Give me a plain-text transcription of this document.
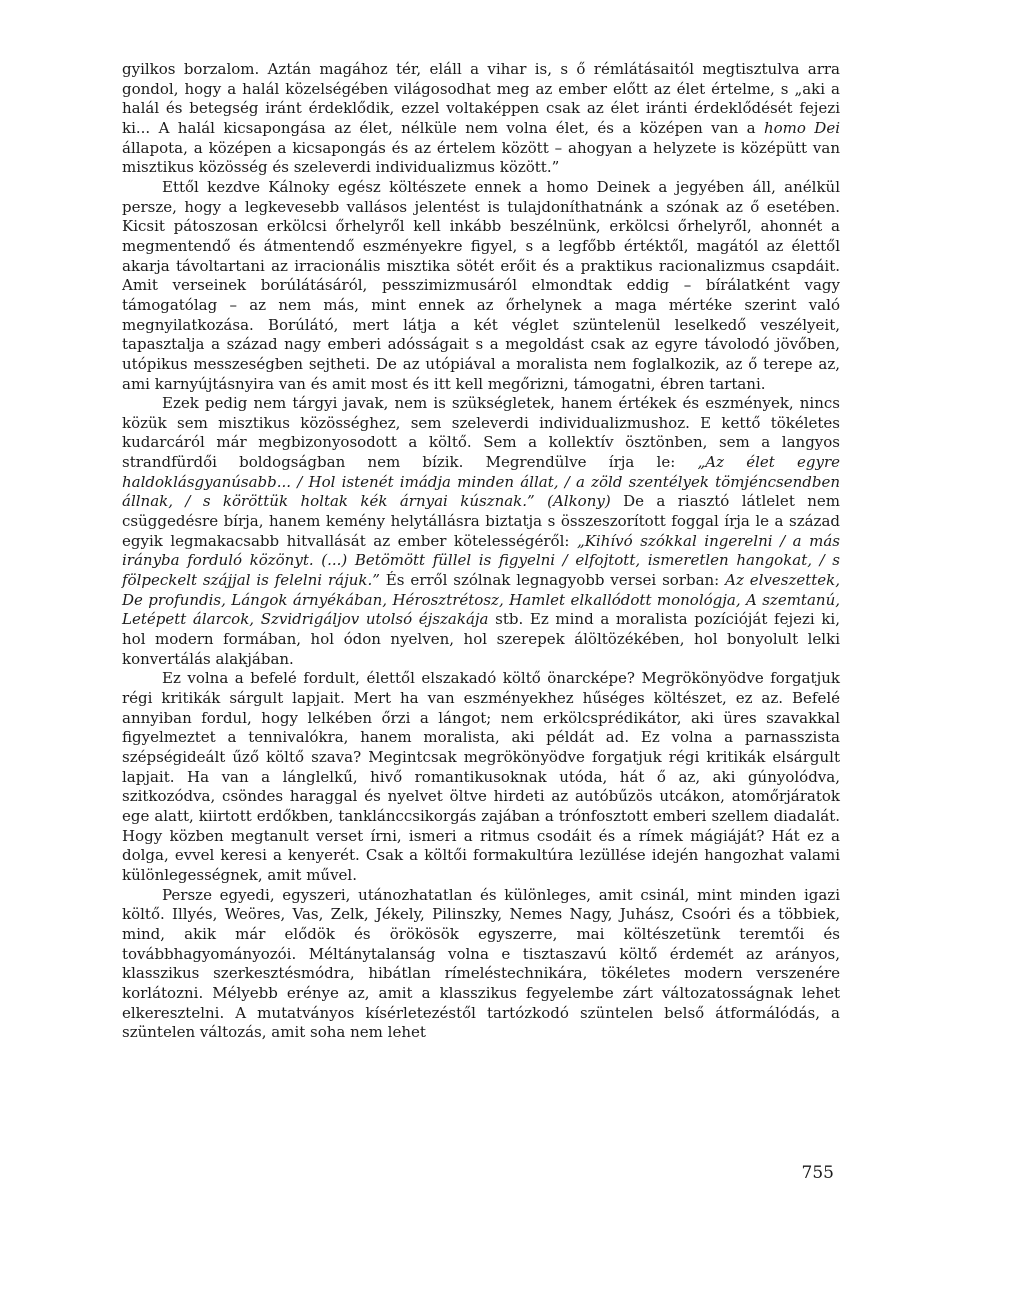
gyilkos borzalom. Aztán magához tér, eláll a vihar is, s ő rémlátásaitól megtisztulva arra gondol, hogy a halál közelségében világosodhat meg az ember előtt az élet értelme, s „aki a halál és betegség iránt érdeklődik, ezzel voltaképpen csak az élet iránti érdeklődését fejezi ki... A halál kicsapongása az élet, nélküle nem volna élet, és a középen van a homo Dei állapota, a középen a kicsapongás és az értelem között – ahogyan a helyzete is középütt van misztikus közösség és szeleverdi individualizmus között.”

Ettől kezdve Kálnoky egész költészete ennek a homo Deinek a jegyében áll, anélkül persze, hogy a legkevesebb vallásos jelentést is tulajdoníthatnánk a szónak az ő esetében. Kicsit pátoszosan erkölcsi őrhelyről kell inkább beszélnünk, erkölcsi őrhelyről, ahonnét a megmentendő és átmentendő eszményekre figyel, s a legfőbb értéktől, magától az élettől akarja távoltartani az irracionális misztika sötét erőit és a praktikus racionalizmus csapdáit. Amit verseinek borúlátásáról, pesszimizmusáról elmondtak eddig – bírálatként vagy támogatólag – az nem más, mint ennek az őrhelynek a maga mértéke szerint való megnyilatkozása. Borúlátó, mert látja a két véglet szüntelenül leselkedő veszélyeit, tapasztalja a század nagy emberi adósságait s a megoldást csak az egyre távolodó jövőben, utópikus messzeségben sejtheti. De az utópiával a moralista nem foglalkozik, az ő terepe az, ami karnyújtásnyira van és amit most és itt kell megőrizni, támogatni, ébren tartani.

Ezek pedig nem tárgyi javak, nem is szükségletek, hanem értékek és eszmények, nincs közük sem misztikus közösséghez, sem szeleverdi individualizmushoz. E kettő tökéletes kudarcáról már megbizonyosodott a költő. Sem a kollektív ösztönben, sem a langyos strandfürdői boldogságban nem bízik. Megrendülve írja le: „Az élet egyre haldoklásgyanúsabb... / Hol istenét imádja minden állat, / a zöld szentélyek tömjéncsendben állnak, / s köröttük holtak kék árnyai kúsznak.” (Alkony) De a riasztó látlelet nem csüggedésre bírja, hanem kemény helytállásra biztatja s összeszorított foggal írja le a század egyik legmakacsabb hitvallását az ember kötelességéről: „Kihívó szókkal ingerelni / a más irányba forduló közönyt. (...) Betömött füllel is figyelni / elfojtott, ismeretlen hangokat, / s fölpeckelt szájjal is felelni rájuk.” És erről szólnak legnagyobb versei sorban: Az elveszettek, De profundis, Lángok árnyékában, Hérosztrétosz, Hamlet elkallódott monológja, A szemtanú, Letépett álarcok, Szvidrigáljov utolsó éjszakája stb. Ez mind a moralista pozícióját fejezi ki, hol modern formában, hol ódon nyelven, hol szerepek álöltözékében, hol bonyolult lelki konvertálás alakjában.

Ez volna a befelé fordult, élettől elszakadó költő önarcképe? Megrökönyödve forgatjuk régi kritikák sárgult lapjait. Mert ha van eszményekhez hűséges költészet, ez az. Befelé annyiban fordul, hogy lelkében őrzi a lángot; nem erkölcsprédikátor, aki üres szavakkal figyelmeztet a tennivalókra, hanem moralista, aki példát ad. Ez volna a parnasszista szépségideált űző költő szava? Megintcsak megrökönyödve forgatjuk régi kritikák elsárgult lapjait. Ha van a lánglelkű, hivő romantikusoknak utóda, hát ő az, aki gúnyolódva, szitkozódva, csöndes haraggal és nyelvet öltve hirdeti az autóbűzös utcákon, atomőrjáratok ege alatt, kiirtott erdőkben, tanklánccsikorgás zajában a trónfosztott emberi szellem diadalát. Hogy közben megtanult verset írni, ismeri a ritmus csodáit és a rímek mágiáját? Hát ez a dolga, evvel keresi a kenyerét. Csak a költői formakultúra lezüllése idején hangozhat valami különlegességnek, amit művel.

Persze egyedi, egyszeri, utánozhatatlan és különleges, amit csinál, mint minden igazi költő. Illyés, Weöres, Vas, Zelk, Jékely, Pilinszky, Nemes Nagy, Juhász, Csoóri és a többiek, mind, akik már elődök és örökösök egyszerre, mai költészetünk teremtői és továbbhagyományozói. Méltánytalanság volna e tisztaszavú költő érdemét az arányos, klasszikus szerkesztésmódra, hibátlan rímeléstechnikára, tökéletes modern verszenére korlátozni. Mélyebb erénye az, amit a klasszikus fegyelembe zárt változatosságnak lehet elkeresztelni. A mutatványos kísérletezéstől tartózkodó szüntelen belső átformálódás, a szüntelen változás, amit soha nem lehet

755
